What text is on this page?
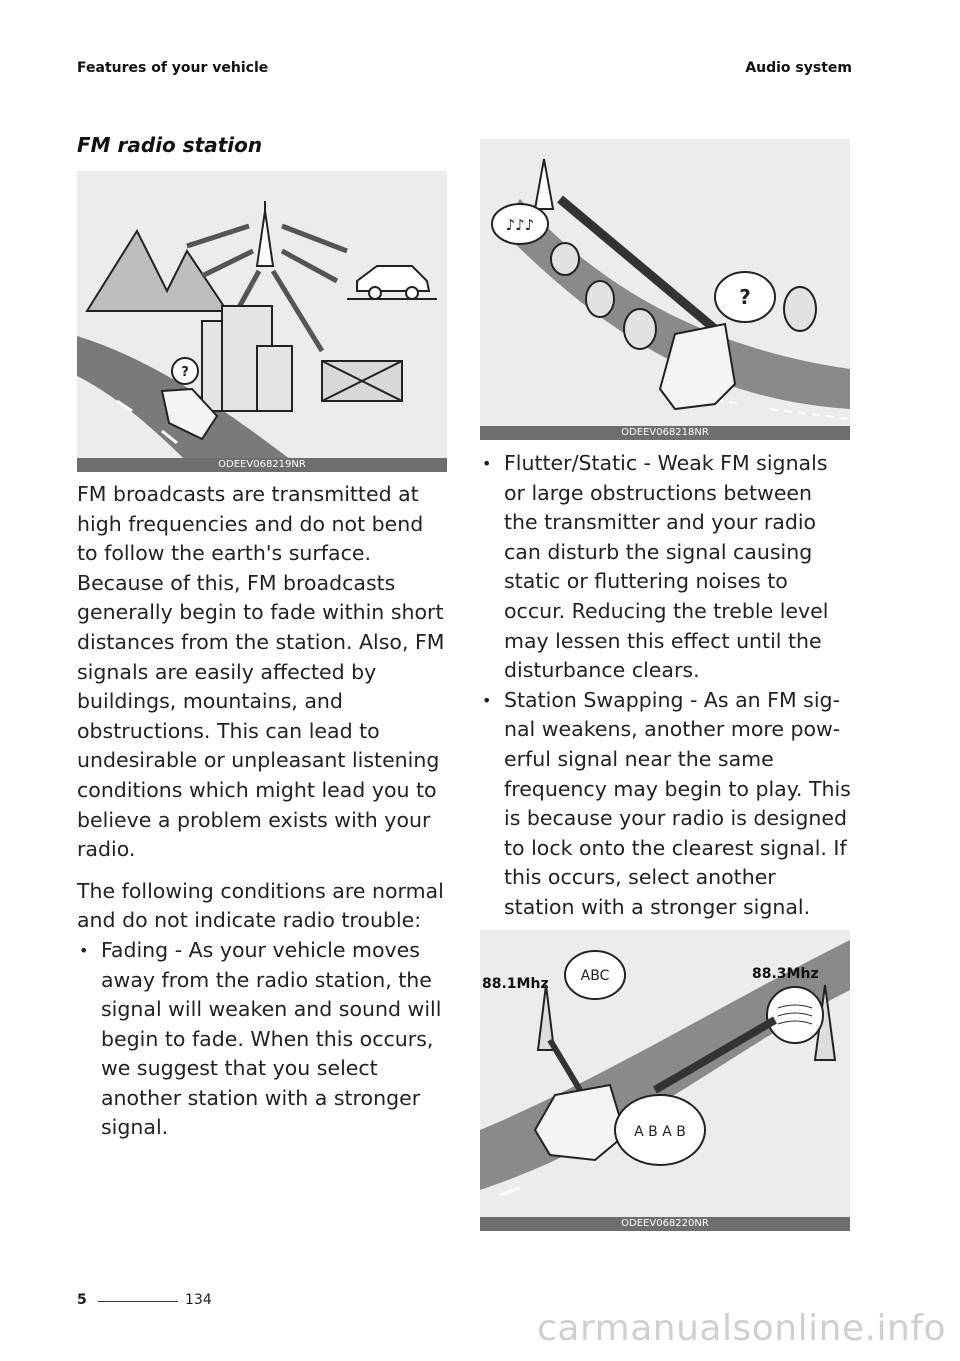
Features of your vehicle	Audio system
FM radio station
?
ODEEV068219NR
♪♪♪
?
ODEEV068218NR
88.1Mhz
88.3Mhz
ABC
A B A B
ODEEV068220NR

FM broadcasts are transmitted at high frequencies and do not bend to follow the earth's surface. Because of this, FM broadcasts generally begin to fade within short distances from the station. Also, FM signals are easily affected by buildings, mountains, and obstructions. This can lead to undesirable or unpleasant listening conditions which might lead you to believe a problem exists with your radio.

The following conditions are normal and do not indicate radio trouble:

• Fading - As your vehicle moves away from the radio station, the signal will weaken and sound will begin to fade. When this occurs, we suggest that you select another station with a stronger signal.
• Flutter/Static - Weak FM signals or large obstructions between the transmitter and your radio can disturb the signal causing static or fluttering noises to occur. Reducing the treble level may lessen this effect until the disturbance clears.
• Station Swapping - As an FM signal weakens, another more powerful signal near the same frequency may begin to play. This is because your radio is designed to lock onto the clearest signal. If this occurs, select another station with a stronger signal.
5	134
carmanualsonline.info
